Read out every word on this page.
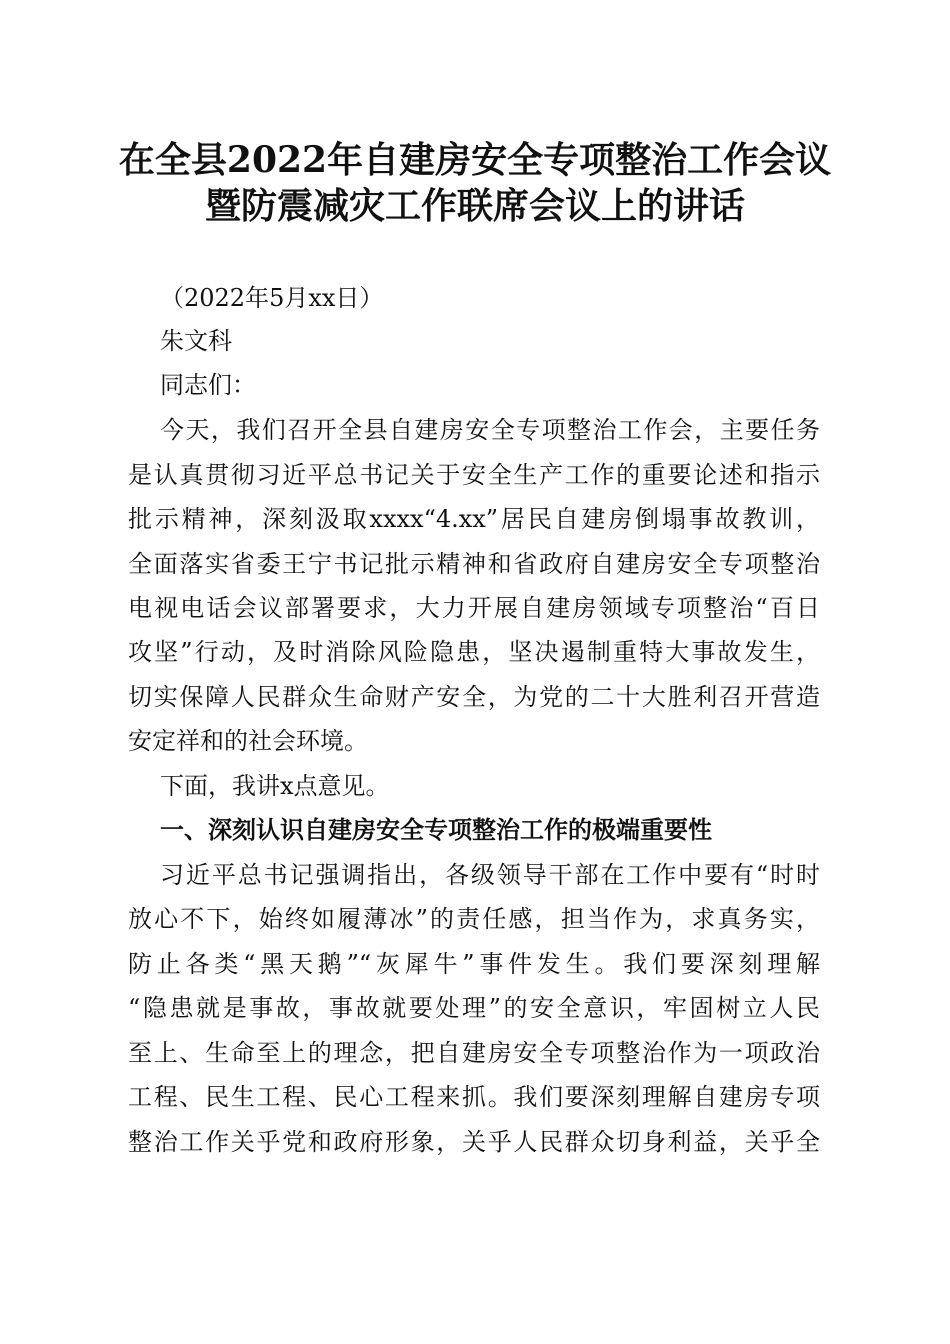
在全县2022年自建房安全专项整治工作会议
暨防震减灾工作联席会议上的讲话

（2022年5月xx日）

朱文科

同志们：

今天，我们召开全县自建房安全专项整治工作会，主要任务

是认真贯彻习近平总书记关于安全生产工作的重要论述和指示

批示精神，深刻汲取xxxx“4.xx”居民自建房倒塌事故教训，

全面落实省委王宁书记批示精神和省政府自建房安全专项整治

电视电话会议部署要求，大力开展自建房领域专项整治“百日

攻坚”行动，及时消除风险隐患，坚决遏制重特大事故发生，

切实保障人民群众生命财产安全，为党的二十大胜利召开营造

安定祥和的社会环境。

下面，我讲x点意见。

一、深刻认识自建房安全专项整治工作的极端重要性

习近平总书记强调指出，各级领导干部在工作中要有“时时

放心不下，始终如履薄冰”的责任感，担当作为，求真务实，

防止各类“黑天鹅”“灰犀牛”事件发生。我们要深刻理解

“隐患就是事故，事故就要处理”的安全意识，牢固树立人民

至上、生命至上的理念，把自建房安全专项整治作为一项政治

工程、民生工程、民心工程来抓。我们要深刻理解自建房专项

整治工作关乎党和政府形象，关乎人民群众切身利益，关乎全
